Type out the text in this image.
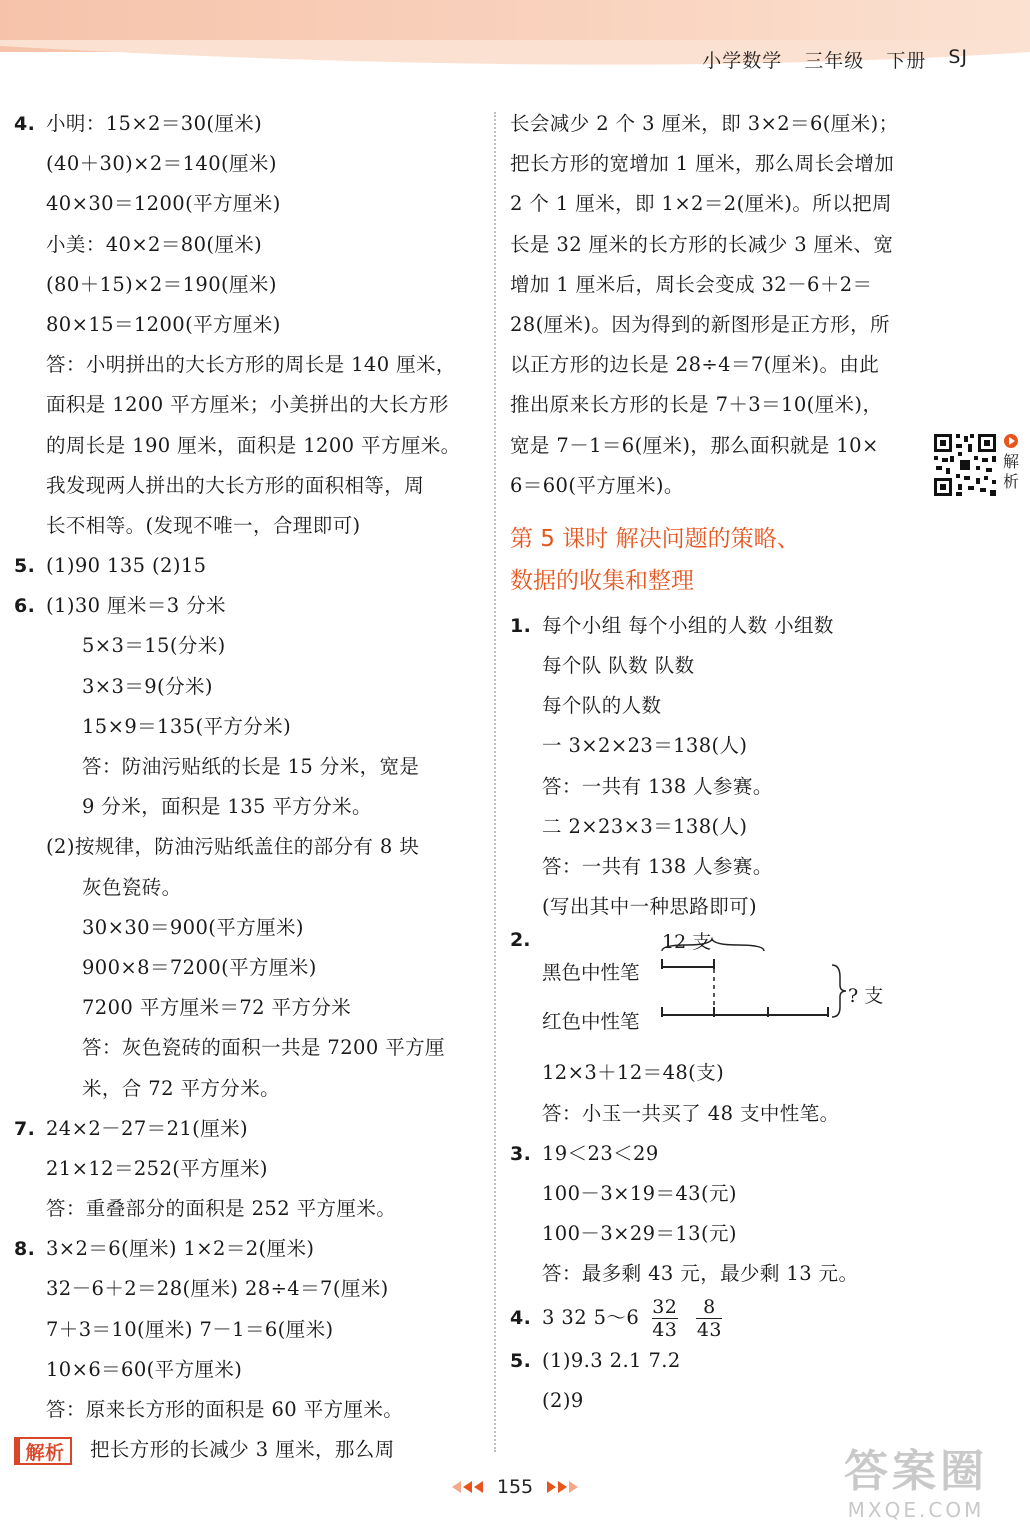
小学数学 三年级 下册 SJ
4. 小明：15×2＝30(厘米)
(40＋30)×2＝140(厘米)
40×30＝1200(平方厘米)
小美：40×2＝80(厘米)
(80＋15)×2＝190(厘米)
80×15＝1200(平方厘米)
答：小明拼出的大长方形的周长是 140 厘米，
面积是 1200 平方厘米；小美拼出的大长方形
的周长是 190 厘米，面积是 1200 平方厘米。
我发现两人拼出的大长方形的面积相等，周
长不相等。(发现不唯一，合理即可)
5. (1)90 135 (2)15
6. (1)30 厘米＝3 分米
5×3＝15(分米)
3×3＝9(分米)
15×9＝135(平方分米)
答：防油污贴纸的长是 15 分米，宽是
9 分米，面积是 135 平方分米。
(2)按规律，防油污贴纸盖住的部分有 8 块
灰色瓷砖。
30×30＝900(平方厘米)
900×8＝7200(平方厘米)
7200 平方厘米＝72 平方分米
答：灰色瓷砖的面积一共是 7200 平方厘
米，合 72 平方分米。
7. 24×2－27＝21(厘米)
21×12＝252(平方厘米)
答：重叠部分的面积是 252 平方厘米。
8. 3×2＝6(厘米) 1×2＝2(厘米)
32－6＋2＝28(厘米) 28÷4＝7(厘米)
7＋3＝10(厘米) 7－1＝6(厘米)
10×6＝60(平方厘米)
答：原来长方形的面积是 60 平方厘米。
解析 把长方形的长减少 3 厘米，那么周
长会减少 2 个 3 厘米，即 3×2＝6(厘米)；
把长方形的宽增加 1 厘米，那么周长会增加
2 个 1 厘米，即 1×2＝2(厘米)。所以把周
长是 32 厘米的长方形的长减少 3 厘米、宽
增加 1 厘米后，周长会变成 32－6＋2＝
28(厘米)。因为得到的新图形是正方形，所
以正方形的边长是 28÷4＝7(厘米)。由此
推出原来长方形的长是 7＋3＝10(厘米)，
宽是 7－1＝6(厘米)，那么面积就是 10×
6＝60(平方厘米)。
第 5 课时 解决问题的策略、
数据的收集和整理
1. 每个小组 每个小组的人数 小组数
每个队 队数 队数
每个队的人数
一 3×2×23＝138(人)
答：一共有 138 人参赛。
二 2×23×3＝138(人)
答：一共有 138 人参赛。
(写出其中一种思路即可)
2.
黑色中性笔
红色中性笔
12 支
? 支
12×3＋12＝48(支)
答：小玉一共买了 48 支中性笔。
3. 19＜23＜29
100－3×19＝43(元)
100－3×29＝13(元)
答：最多剩 43 元，最少剩 13 元。
4. 3 32 5～6 $\frac{32}{43}$
$\frac{8}{43}$
5. (1)9.3 2.1 7.2
(2)9
解
析
155	答案圈
MXQE.COM
